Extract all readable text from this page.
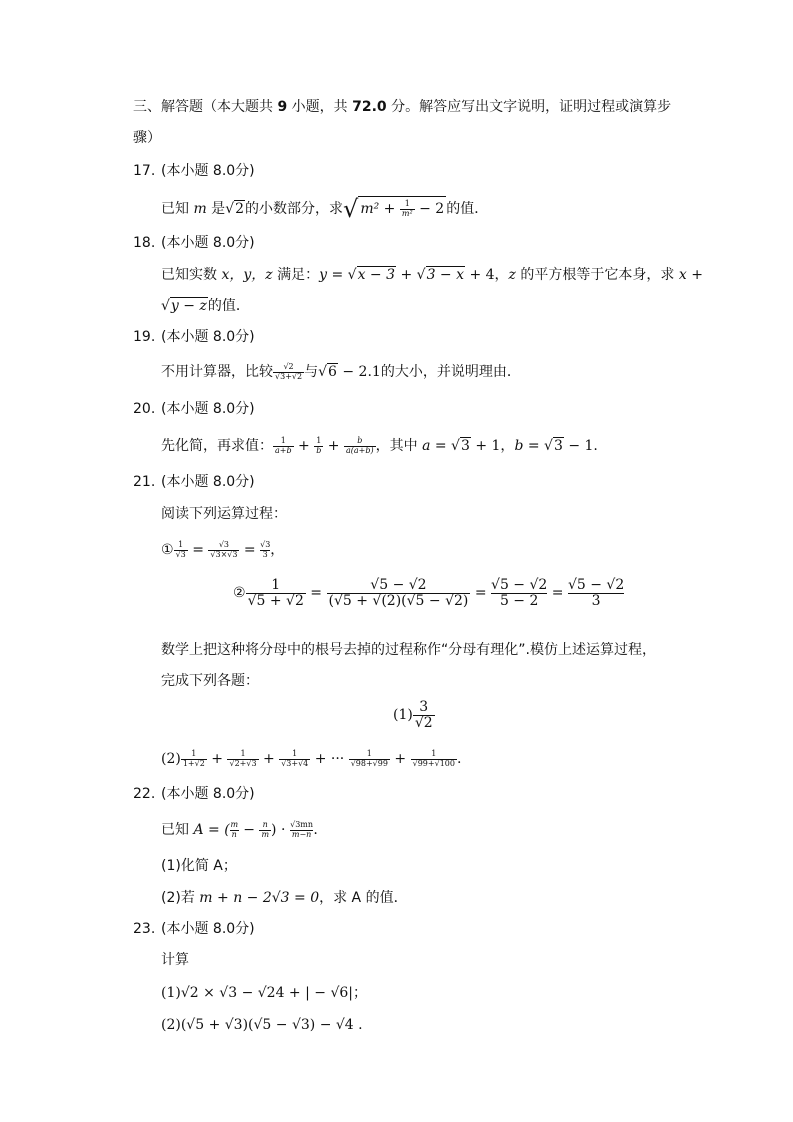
三、解答题（本大题共 9 小题，共 72.0 分。解答应写出文字说明，证明过程或演算步
骤）
17. (本小题 8.0分)
已知 m 是√2的小数部分，求√ $m^2 + \frac{1}{\text{m²}} - 2$ 的值．
18. (本小题 8.0分)
已知实数 x，y，z 满足：y = √x − 3 + √3 − x + 4，z 的平方根等于它本身，求 x +
√y − z的值．
19. (本小题 8.0分)
不用计算器，比较 $\frac{√2}{√3+√2}$ 与√6 − 2.1的大小，并说明理由．
20. (本小题 8.0分)
先化简，再求值： $\frac{1}{a+b} + \frac{1}{b} + \frac{b}{a(a+b)}$ ，其中 a = √3 + 1，b = √3 − 1.
21. (本小题 8.0分)
阅读下列运算过程：
① $\frac{1}{√3} = \frac{√3}{√3\times√3} = \frac{√3}{3}$ ，
② $\frac{1}{√5 + √2} = \frac{√5 - √2}{(√5 + √(2)(√5 - √2)} = \frac{√5 - √2}{5 - 2} = \frac{√5 - √2}{3}$
数学上把这种将分母中的根号去掉的过程称作“分母有理化”.模仿上述运算过程，
完成下列各题：
$(1) \frac{3}{√2}$
$(2) \frac{1}{1+√2} + \frac{1}{√2+√3} + \frac{1}{√3+√4}$ + ··· $\frac{1}{√98+√99} + \frac{1}{√99+√100}$ .
22. (本小题 8.0分)
已知 A = ( $\frac{m}{n} - \frac{n}{m}$ ) · $\frac{√3mn}{m-n}$ .
(1)化简 A；
(2)若 m + n − 2√3 = 0，求 A 的值．
23. (本小题 8.0分)
计算
(1)√2 × √3 − √24 + | − √6|；
(2)(√5 + √3)(√5 − √3) − √4 .
